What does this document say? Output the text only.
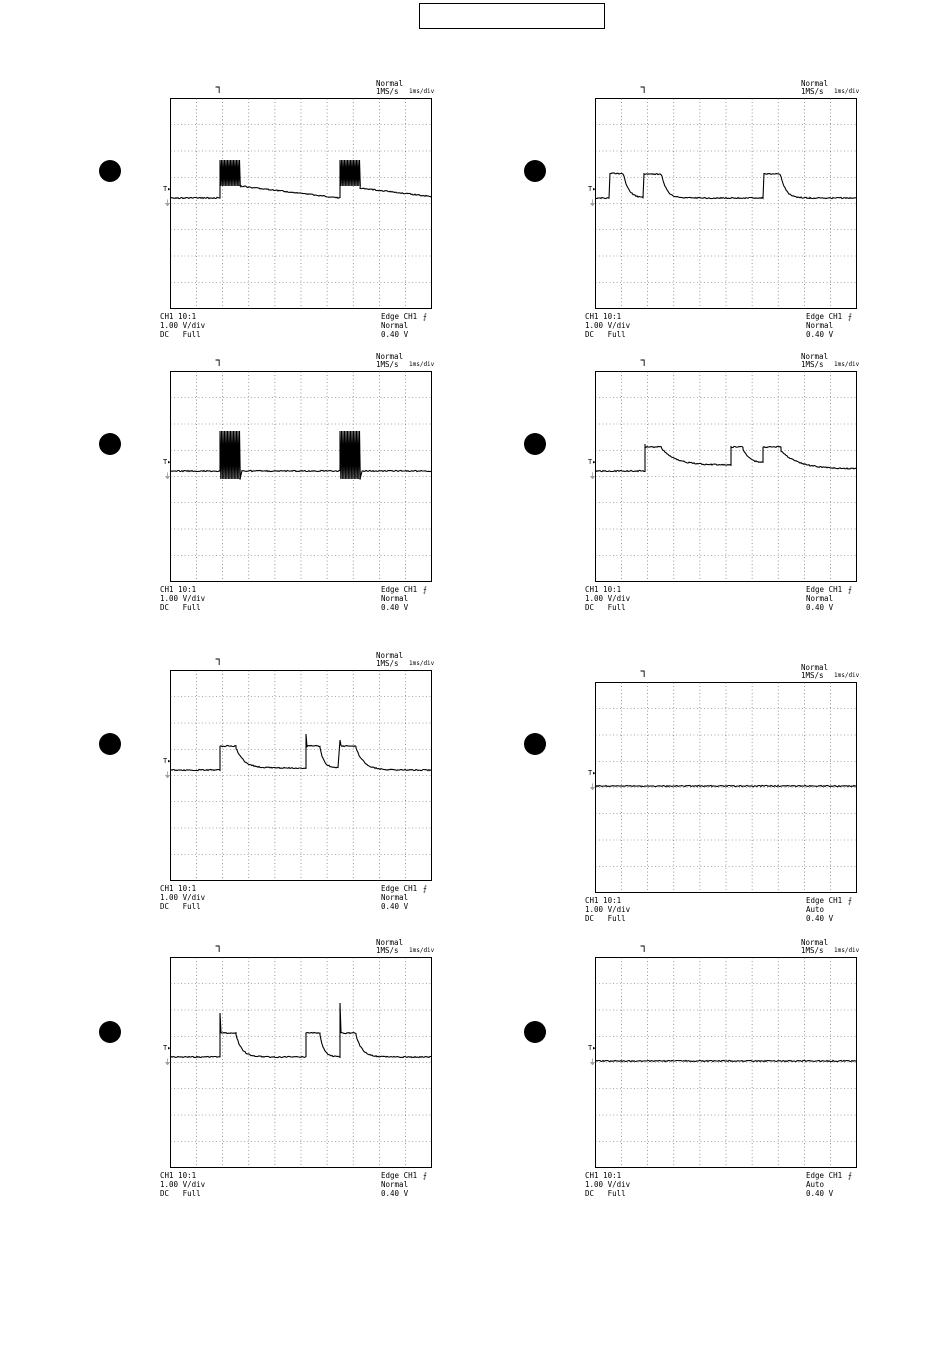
Normal
1MS/s 1ms/div
ᒣ
T▸
⏚
CH1 10:1
1.00 V/div
DC   Full
Edge CH1 ⨍
Normal
0.40 V
Normal
1MS/s 1ms/div
ᒣ
T▸
⏚
CH1 10:1
1.00 V/div
DC   Full
Edge CH1 ⨍
Normal
0.40 V
Normal
1MS/s 1ms/div
ᒣ
T▸
⏚
CH1 10:1
1.00 V/div
DC   Full
Edge CH1 ⨍
Normal
0.40 V
Normal
1MS/s 1ms/div
ᒣ
T▸
⏚
CH1 10:1
1.00 V/div
DC   Full
Edge CH1 ⨍
Normal
0.40 V
Normal
1MS/s 1ms/div
ᒣ
T▸
⏚
CH1 10:1
1.00 V/div
DC   Full
Edge CH1 ⨍
Normal
0.40 V
Normal
1MS/s 1ms/div
ᒣ
T▸
⏚
CH1 10:1
1.00 V/div
DC   Full
Edge CH1 ⨍
Auto
0.40 V
Normal
1MS/s 1ms/div
ᒣ
T▸
⏚
CH1 10:1
1.00 V/div
DC   Full
Edge CH1 ⨍
Normal
0.40 V
Normal
1MS/s 1ms/div
ᒣ
T▸
⏚
CH1 10:1
1.00 V/div
DC   Full
Edge CH1 ⨍
Auto
0.40 V
